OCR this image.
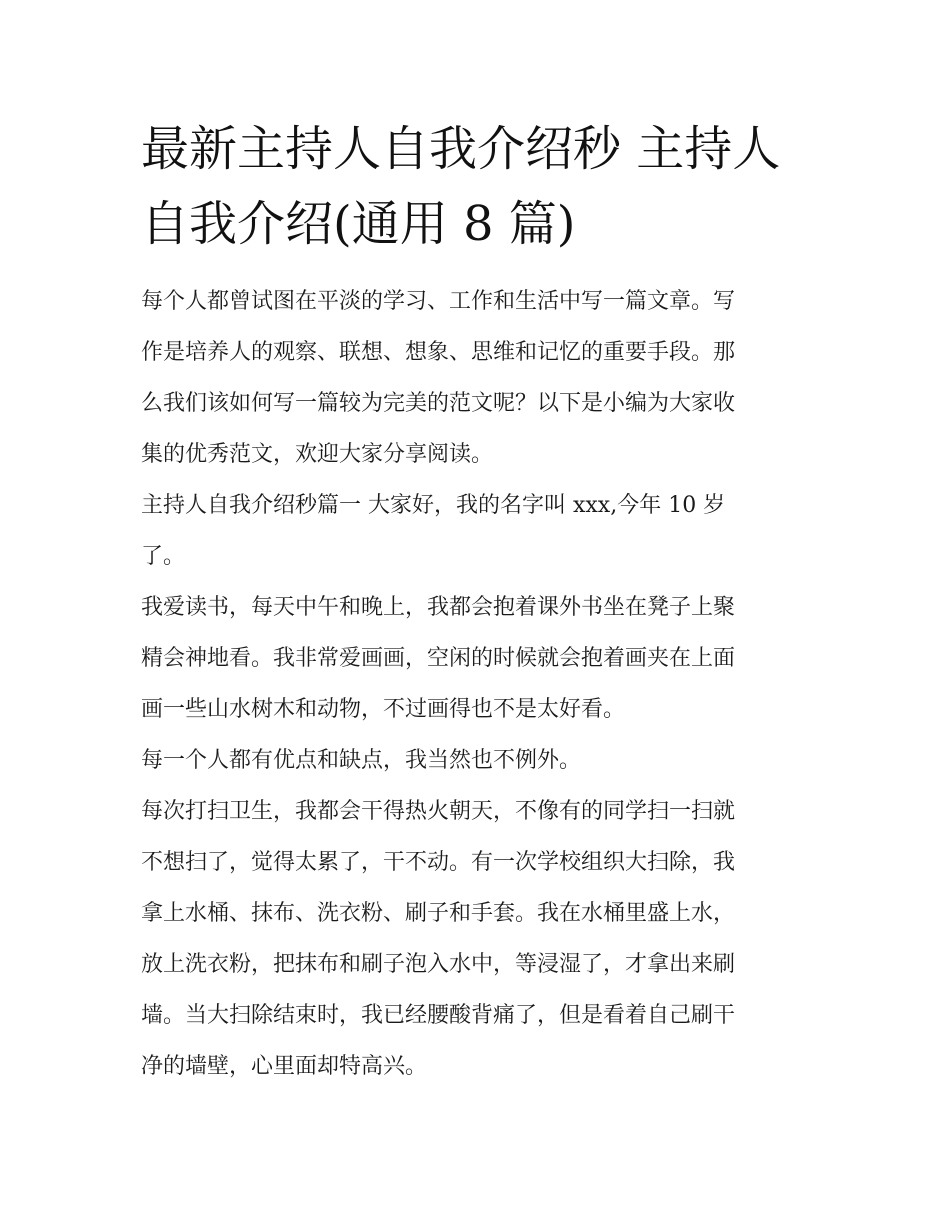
最新主持人自我介绍秒 主持人
自我介绍(通用 8 篇)

每个人都曾试图在平淡的学习、工作和生活中写一篇文章。写
作是培养人的观察、联想、想象、思维和记忆的重要手段。那
么我们该如何写一篇较为完美的范文呢？以下是小编为大家收
集的优秀范文，欢迎大家分享阅读。

主持人自我介绍秒篇一 大家好，我的名字叫 xxx,今年 10 岁
了。

我爱读书，每天中午和晚上，我都会抱着课外书坐在凳子上聚
精会神地看。我非常爱画画，空闲的时候就会抱着画夹在上面
画一些山水树木和动物，不过画得也不是太好看。

每一个人都有优点和缺点，我当然也不例外。

每次打扫卫生，我都会干得热火朝天，不像有的同学扫一扫就
不想扫了，觉得太累了，干不动。有一次学校组织大扫除，我
拿上水桶、抹布、洗衣粉、刷子和手套。我在水桶里盛上水，
放上洗衣粉，把抹布和刷子泡入水中，等浸湿了，才拿出来刷
墙。当大扫除结束时，我已经腰酸背痛了，但是看着自己刷干
净的墙壁，心里面却特高兴。
